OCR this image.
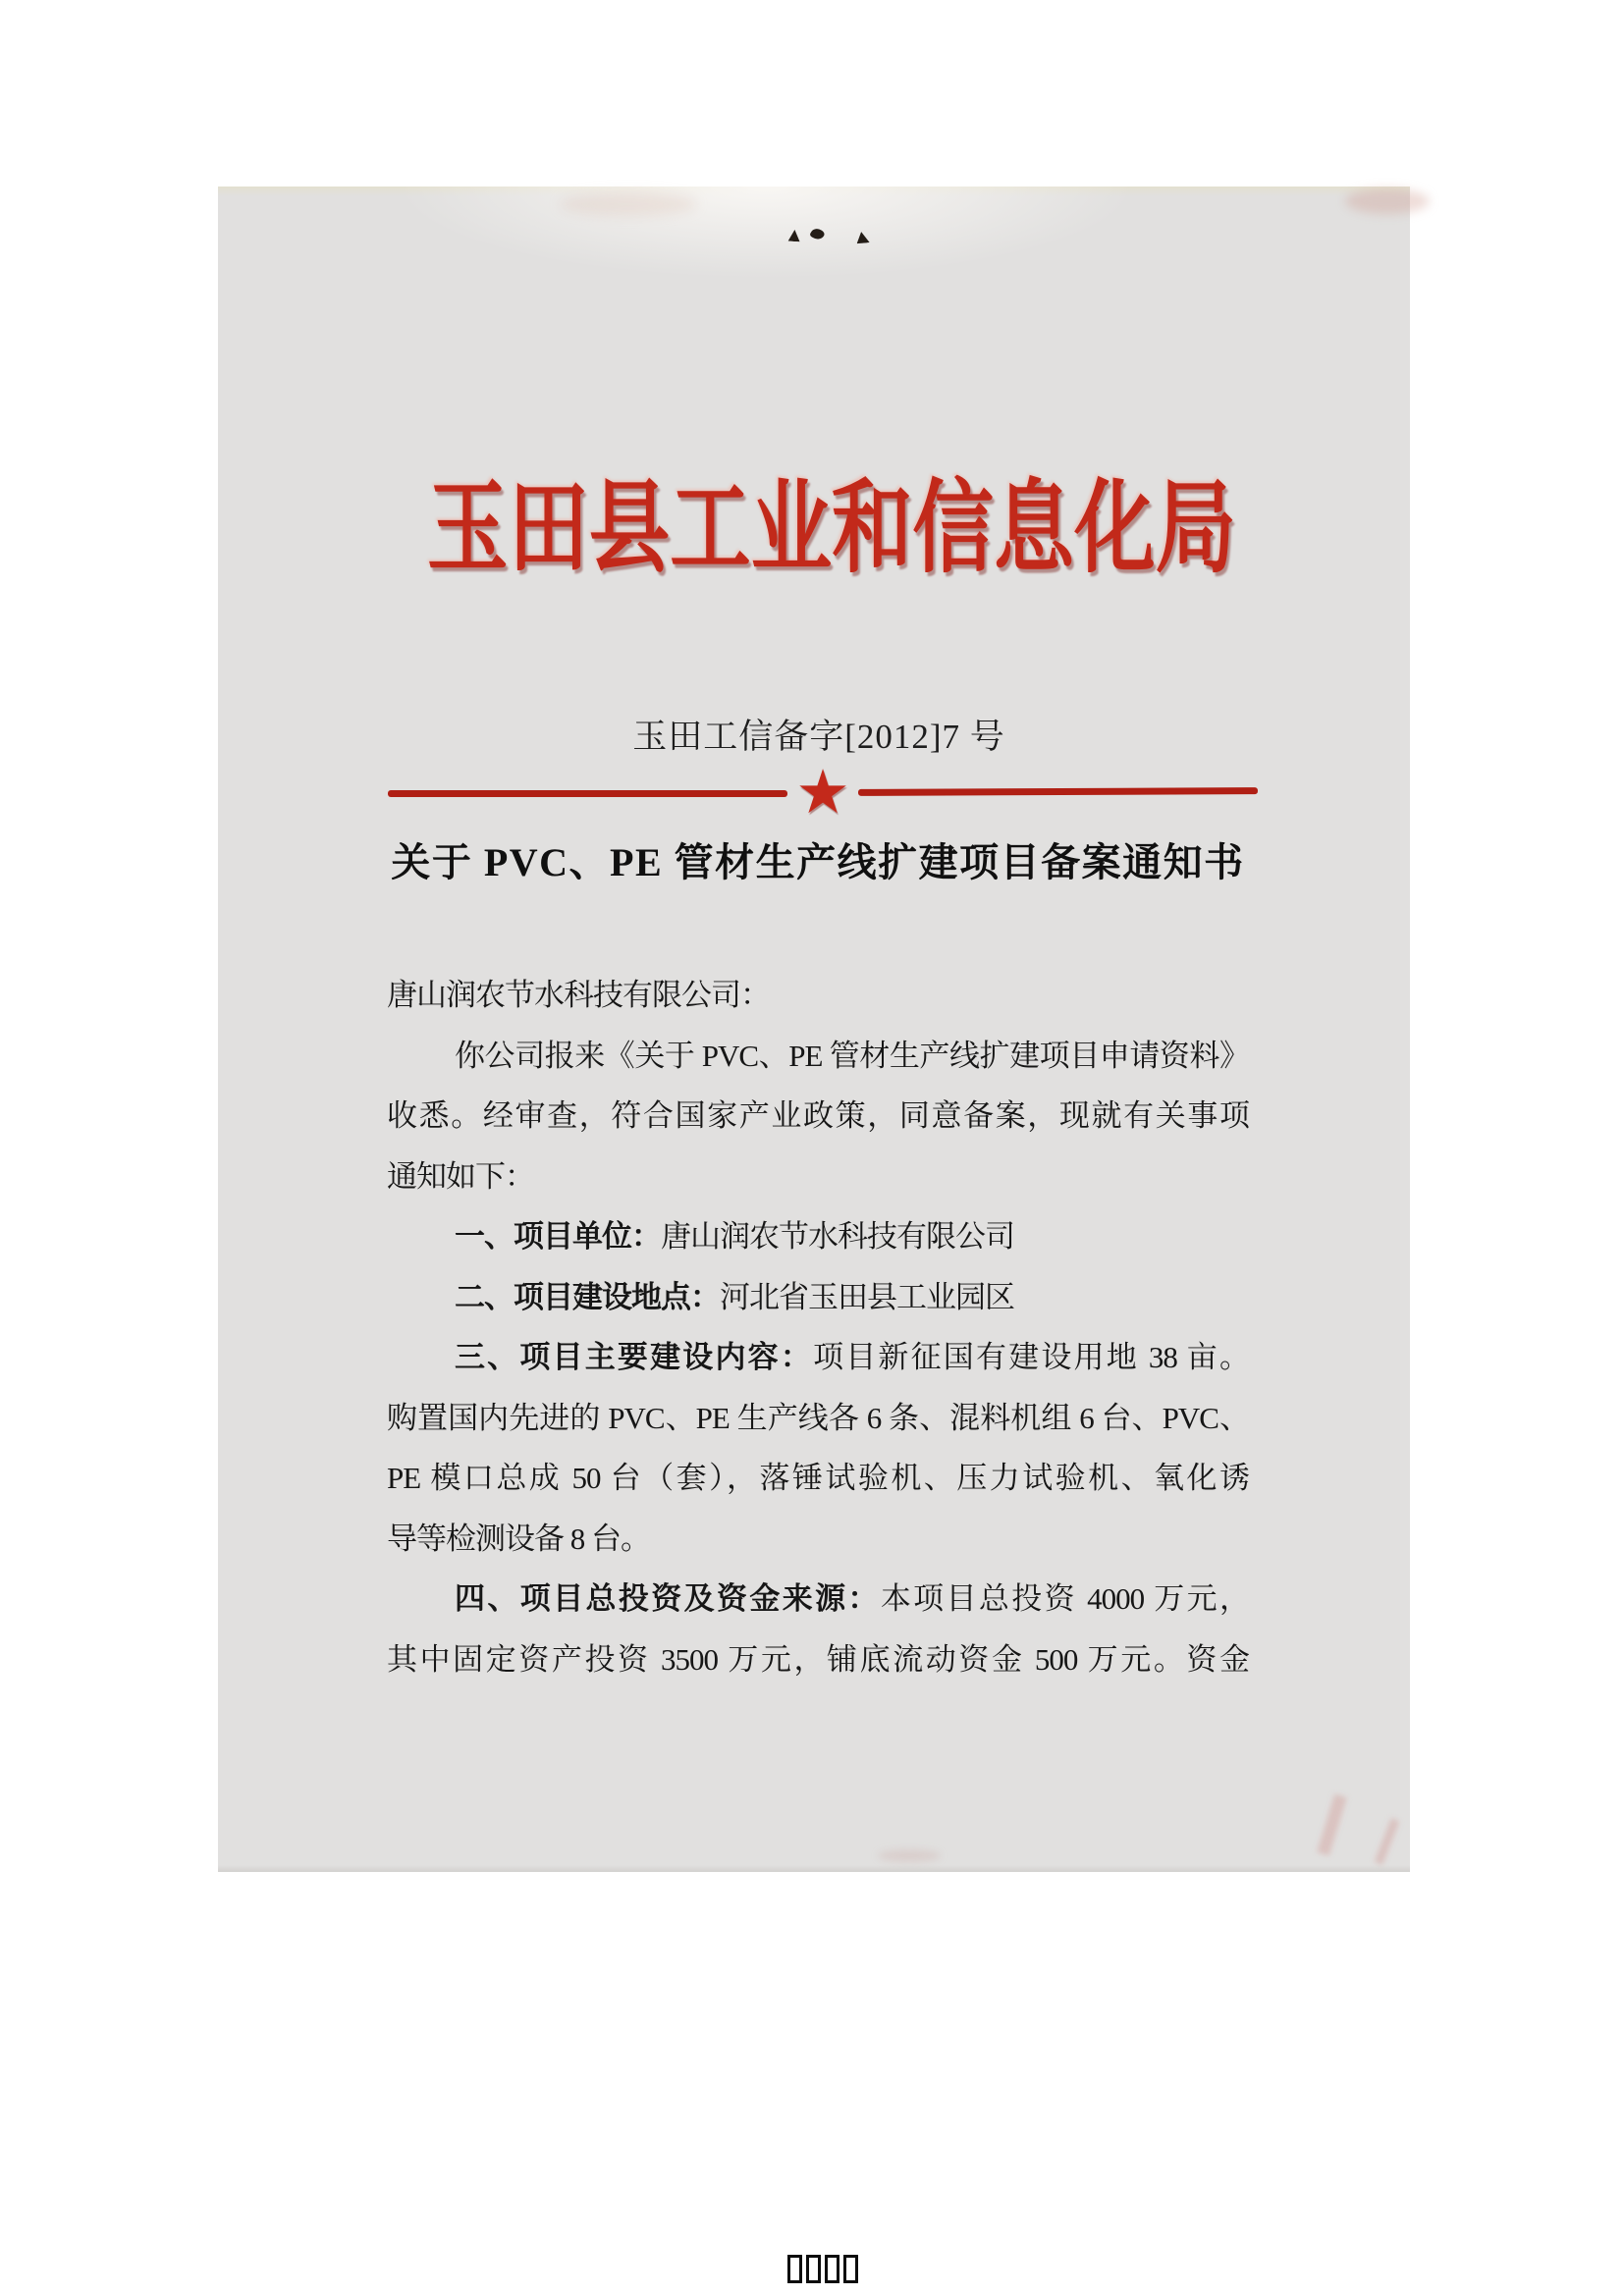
玉田县工业和信息化局
玉田工信备字[2012]7 号
★
关于 PVC、PE 管材生产线扩建项目备案通知书
唐山润农节水科技有限公司：
你公司报来《关于 PVC、PE 管材生产线扩建项目申请资料》
收悉。经审查，符合国家产业政策，同意备案，现就有关事项
通知如下：
一、项目单位：唐山润农节水科技有限公司
二、项目建设地点：河北省玉田县工业园区
三、项目主要建设内容：项目新征国有建设用地 38 亩。
购置国内先进的 PVC、PE 生产线各 6 条、混料机组 6 台、PVC、
PE 模口总成 50 台（套），落锤试验机、压力试验机、氧化诱
导等检测设备 8 台。
四、项目总投资及资金来源：本项目总投资 4000 万元，
其中固定资产投资 3500 万元，铺底流动资金 500 万元。资金
